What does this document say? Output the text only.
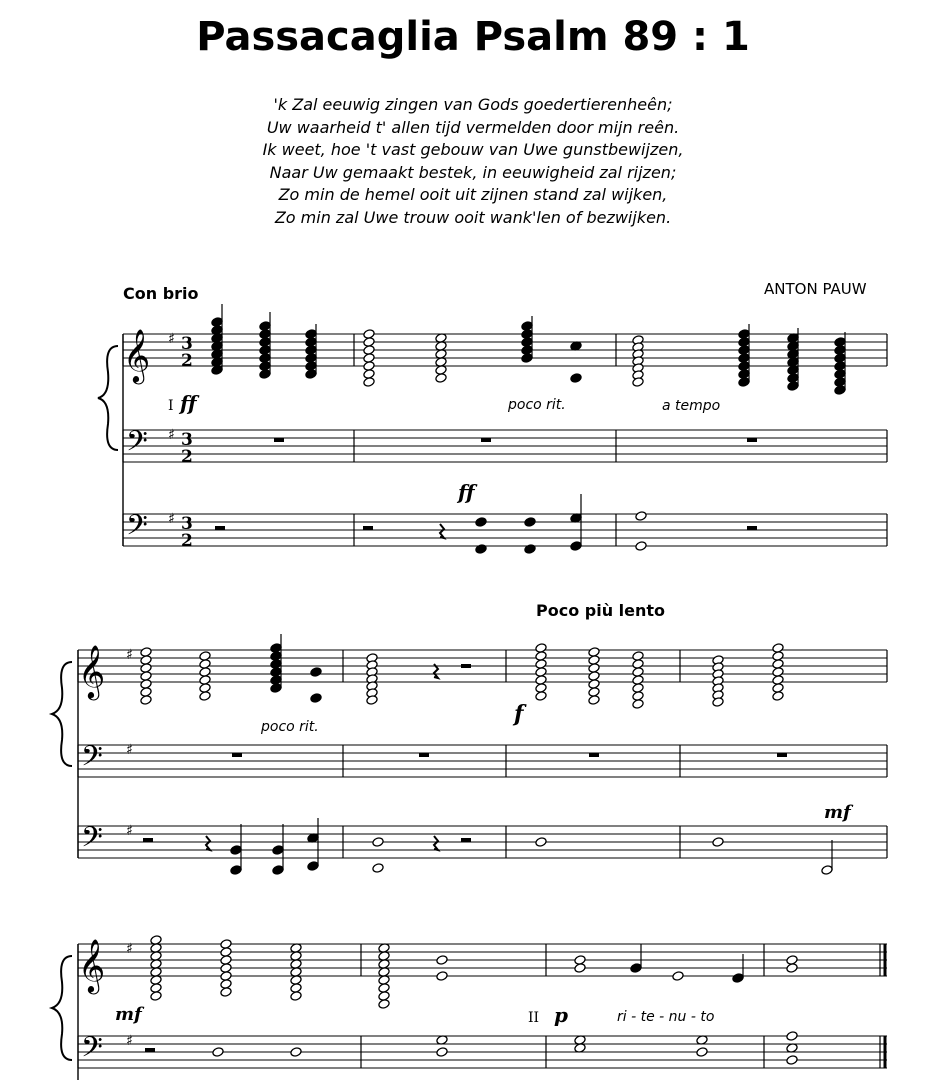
Passacaglia Psalm 89 : 1
'k Zal eeuwig zingen van Gods goedertierenheên;
Uw waarheid t' allen tijd vermelden door mijn reên.
Ik weet, hoe 't vast gebouw van Uwe gunstbewijzen,
Naar Uw gemaakt bestek, in eeuwigheid zal rijzen;
Zo min de hemel ooit uit zijnen stand zal wijken,
Zo min zal Uwe trouw ooit wank'len of bezwijken.
Con brio
Poco più lento
ANTON PAUW
𝄞
𝄢
𝄢
♯
♯
♯
3
2
3
2
3
2
𝄞
𝄢
𝄢
♯
♯
♯
𝄞
𝄢
♯
♯
I ff	poco rit.	a tempo
ff
poco rit.	f
mf
mf	II p	ri - te - nu - to
